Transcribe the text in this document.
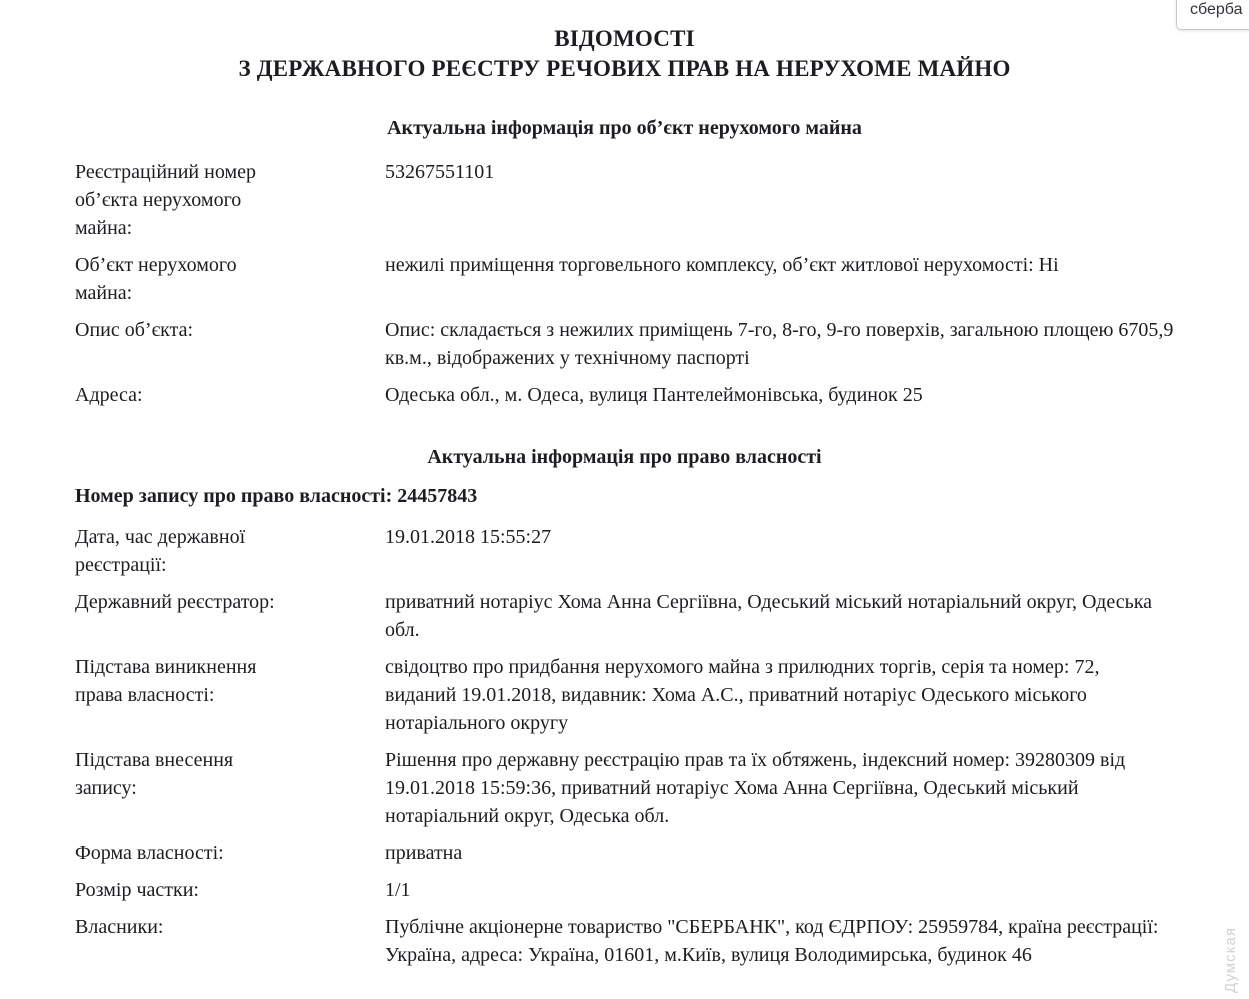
ВІДОМОСТІ
З ДЕРЖАВНОГО РЕЄСТРУ РЕЧОВИХ ПРАВ НА НЕРУХОМЕ МАЙНО
Актуальна інформація про об’єкт нерухомого майна
Реєстраційний номер об’єкта нерухомого майна:
53267551101
Об’єкт нерухомого майна:
нежилі приміщення торговельного комплексу, об’єкт житлової нерухомості: Ні
Опис об’єкта:	Опис: складається з нежилих приміщень 7-го, 8-го, 9-го поверхів, загальною площею 6705,9 кв.м., відображених у технічному паспорті
Адреса:	Одеська обл., м. Одеса, вулиця Пантелеймонівська, будинок 25
Актуальна інформація про право власності
Номер запису про право власності: 24457843
Дата, час державної реєстрації:
19.01.2018 15:55:27
Державний реєстратор:	приватний нотаріус Хома Анна Сергіївна, Одеський міський нотаріальний округ, Одеська обл.
Підстава виникнення права власності:
свідоцтво про придбання нерухомого майна з прилюдних торгів, серія та номер: 72, виданий 19.01.2018, видавник: Хома А.С., приватний нотаріус Одеського міського нотаріального округу
Підстава внесення запису:
Рішення про державну реєстрацію прав та їх обтяжень, індексний номер: 39280309 від 19.01.2018 15:59:36, приватний нотаріус Хома Анна Сергіївна, Одеський міський нотаріальний округ, Одеська обл.
Форма власності:	приватна
Розмір частки:	1/1
Власники:	Публічне акціонерне товариство "СБЕРБАНК", код ЄДРПОУ: 25959784, країна реєстрації: Україна, адреса: Україна, 01601, м.Київ, вулиця Володимирська, будинок 46
сберба
Думская
